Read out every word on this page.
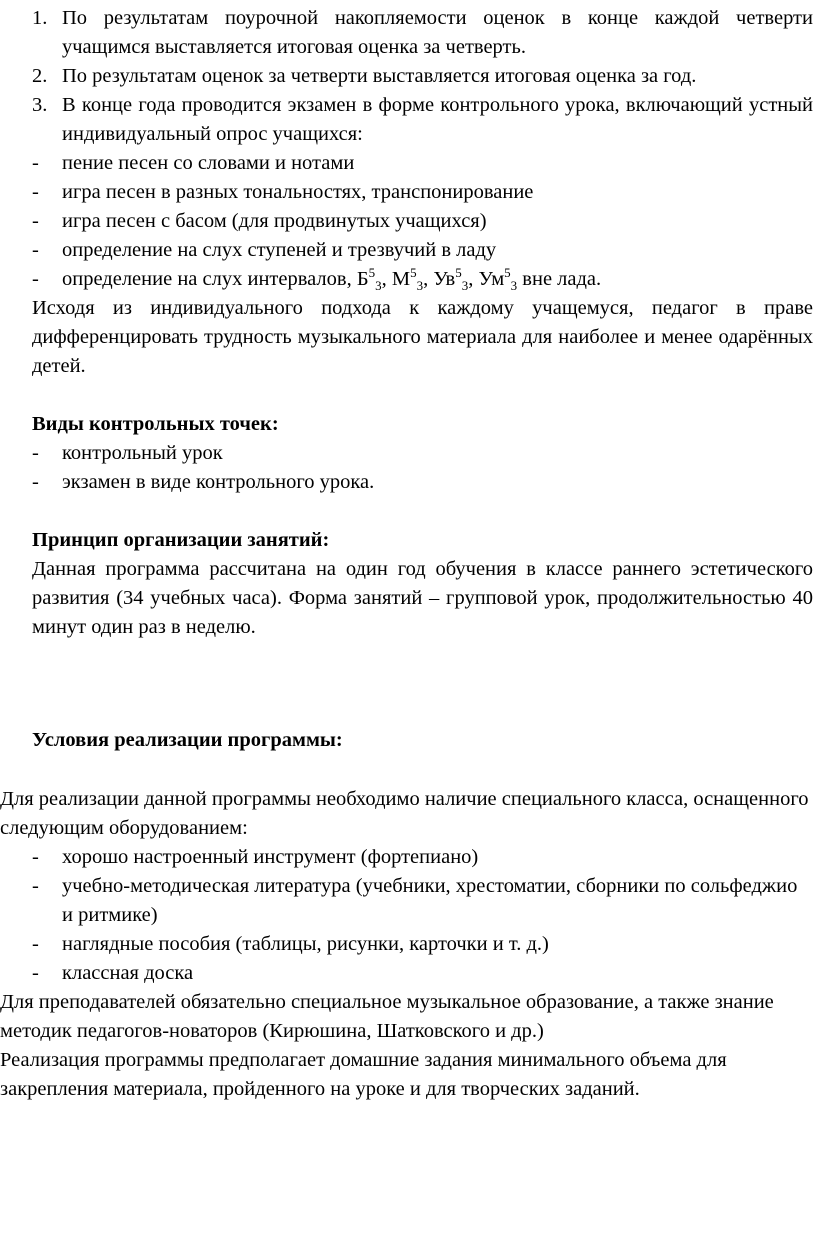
1. По результатам поурочной накопляемости оценок в конце каждой четверти учащимся выставляется итоговая оценка за четверть.
2. По результатам оценок за четверти выставляется итоговая оценка за год.
3. В конце года проводится экзамен в форме контрольного урока, включающий устный индивидуальный опрос учащихся:
-	пение песен со словами и нотами
-	игра песен в разных тональностях, транспонирование
-	игра песен с басом (для продвинутых учащихся)
-	определение на слух ступеней и трезвучий в ладу
-	определение на слух интервалов, $Б^5_3$, $М^5_3$, $Ув^5_3$, $Ум^5_3$ вне лада.

Исходя из индивидуального подхода к каждому учащемуся, педагог в праве дифференцировать трудность музыкального материала для наиболее и менее одарённых детей.

Виды контрольных точек:
-	контрольный урок
-	экзамен в виде контрольного урока.
Принцип организации занятий:

Данная программа рассчитана на один год обучения в классе раннего эстетического развития (34 учебных часа). Форма занятий – групповой урок, продолжительностью 40 минут один раз в неделю.

Условия реализации программы:
Для реализации данной программы необходимо наличие специального класса, оснащенного следующим оборудованием:
-	хорошо настроенный инструмент (фортепиано)
-	учебно-методическая литература (учебники, хрестоматии, сборники по сольфеджио и ритмике)
-	наглядные пособия (таблицы, рисунки, карточки и т. д.)
-	классная доска
Для преподавателей обязательно специальное музыкальное образование, а также знание методик педагогов-новаторов (Кирюшина, Шатковского и др.)
Реализация программы предполагает домашние задания минимального объема для закрепления материала, пройденного на уроке и для творческих заданий.
